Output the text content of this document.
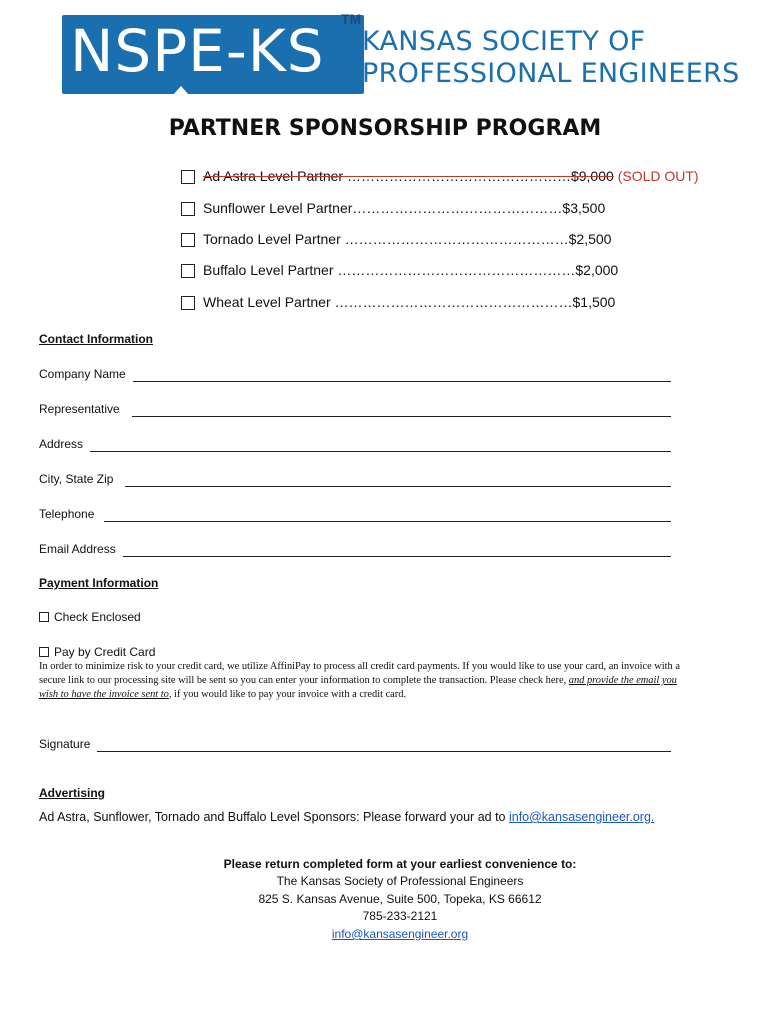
NSPE-KS TM
KANSAS SOCIETY OF
PROFESSIONAL ENGINEERS
PARTNER SPONSORSHIP PROGRAM
Ad Astra Level Partner …………………………………………$9,000 (SOLD OUT)
Sunflower Level Partner………………………………………$3,500
Tornado Level Partner …………………………………………$2,500
Buffalo Level Partner ……………………………………………$2,000
Wheat Level Partner ……………………………………………$1,500
Contact Information
Company Name
Representative
Address
City, State Zip
Telephone
Email Address
Payment Information
Check Enclosed
Pay by Credit Card
In order to minimize risk to your credit card, we utilize AffiniPay to process all credit card payments. If you would like to use your card, an invoice with a secure link to our processing site will be sent so you can enter your information to complete the transaction. Please check here, and provide the email you wish to have the invoice sent to, if you would like to pay your invoice with a credit card.
Signature
Advertising
Ad Astra, Sunflower, Tornado and Buffalo Level Sponsors: Please forward your ad to info@kansasengineer.org.
Please return completed form at your earliest convenience to:
The Kansas Society of Professional Engineers
825 S. Kansas Avenue, Suite 500, Topeka, KS 66612
785-233-2121
info@kansasengineer.org
